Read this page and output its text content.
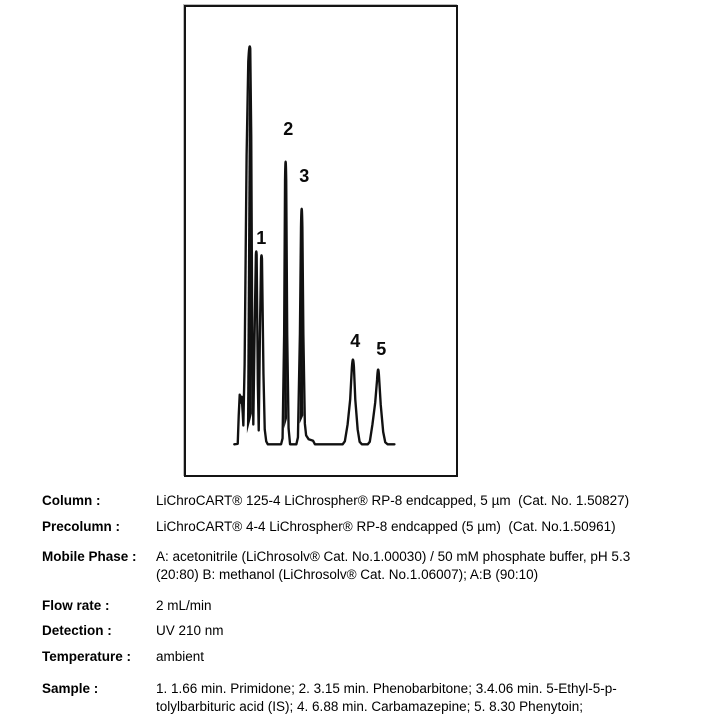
1
2
3
4 5
Column :	LiChroCART® 125-4 LiChrospher® RP-8 endcapped, 5 µm  (Cat. No. 1.50827)
Precolumn :	LiChroCART® 4-4 LiChrospher® RP-8 endcapped (5 µm)  (Cat. No.1.50961)
Mobile Phase :	A: acetonitrile (LiChrosolv® Cat. No.1.00030) / 50 mM phosphate buffer, pH 5.3 (20:80) B: methanol (LiChrosolv® Cat. No.1.06007); A:B (90:10)
Flow rate :	2 mL/min
Detection :	UV 210 nm
Temperature :	ambient
Sample :	1. 1.66 min. Primidone; 2. 3.15 min. Phenobarbitone; 3.4.06 min. 5-Ethyl-5-p-tolylbarbituric acid (IS); 4. 6.88 min. Carbamazepine; 5. 8.30 Phenytoin;
